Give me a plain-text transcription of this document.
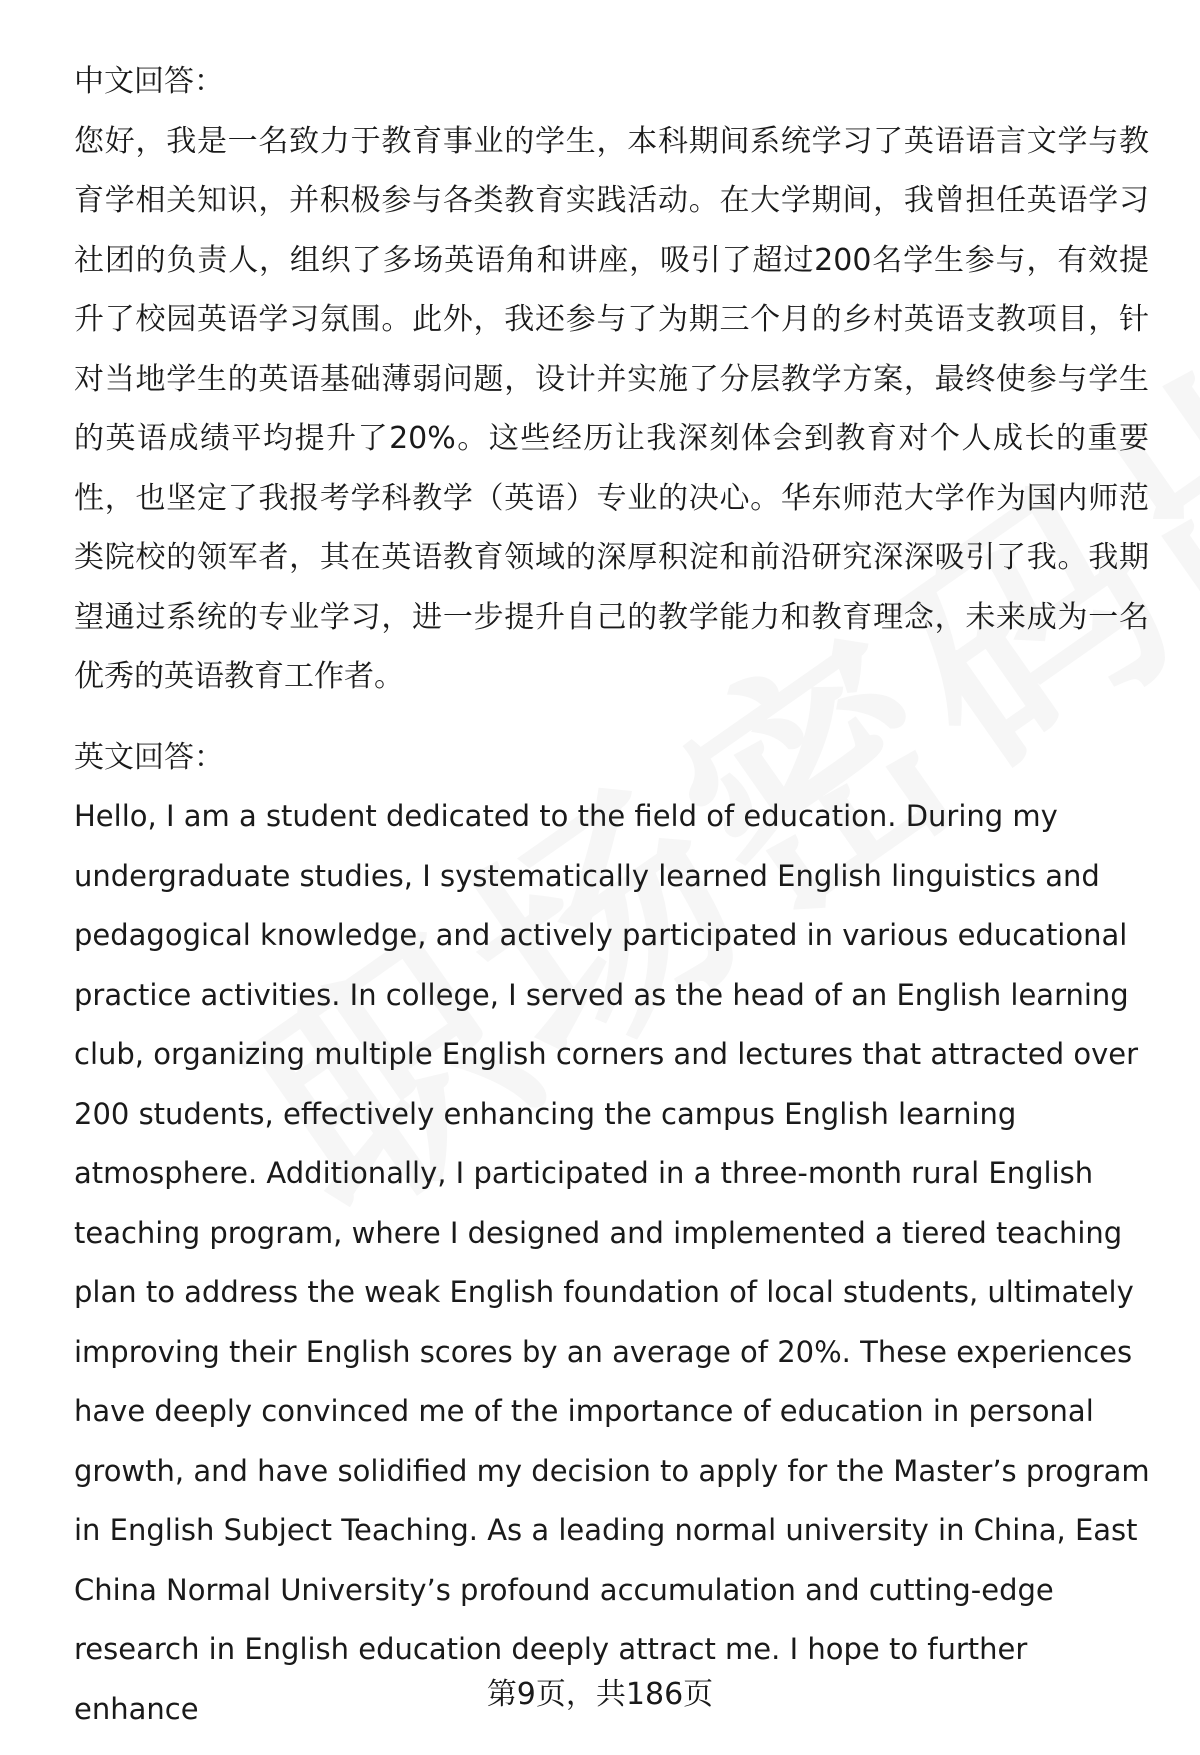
中文回答：

您好，我是一名致力于教育事业的学生，本科期间系统学习了英语语言文学与教育学相关知识，并积极参与各类教育实践活动。在大学期间，我曾担任英语学习社团的负责人，组织了多场英语角和讲座，吸引了超过200名学生参与，有效提升了校园英语学习氛围。此外，我还参与了为期三个月的乡村英语支教项目，针对当地学生的英语基础薄弱问题，设计并实施了分层教学方案，最终使参与学生的英语成绩平均提升了20%。这些经历让我深刻体会到教育对个人成长的重要性，也坚定了我报考学科教学（英语）专业的决心。华东师范大学作为国内师范类院校的领军者，其在英语教育领域的深厚积淀和前沿研究深深吸引了我。我期望通过系统的专业学习，进一步提升自己的教学能力和教育理念，未来成为一名优秀的英语教育工作者。

英文回答：

Hello, I am a student dedicated to the field of education. During my undergraduate studies, I systematically learned English linguistics and pedagogical knowledge, and actively participated in various educational practice activities. In college, I served as the head of an English learning club, organizing multiple English corners and lectures that attracted over 200 students, effectively enhancing the campus English learning atmosphere. Additionally, I participated in a three-month rural English teaching program, where I designed and implemented a tiered teaching plan to address the weak English foundation of local students, ultimately improving their English scores by an average of 20%. These experiences have deeply convinced me of the importance of education in personal growth, and have solidified my decision to apply for the Master’s program in English Subject Teaching. As a leading normal university in China, East China Normal University’s profound accumulation and cutting-edge research in English education deeply attract me. I hope to further enhance	第9页，共186页
